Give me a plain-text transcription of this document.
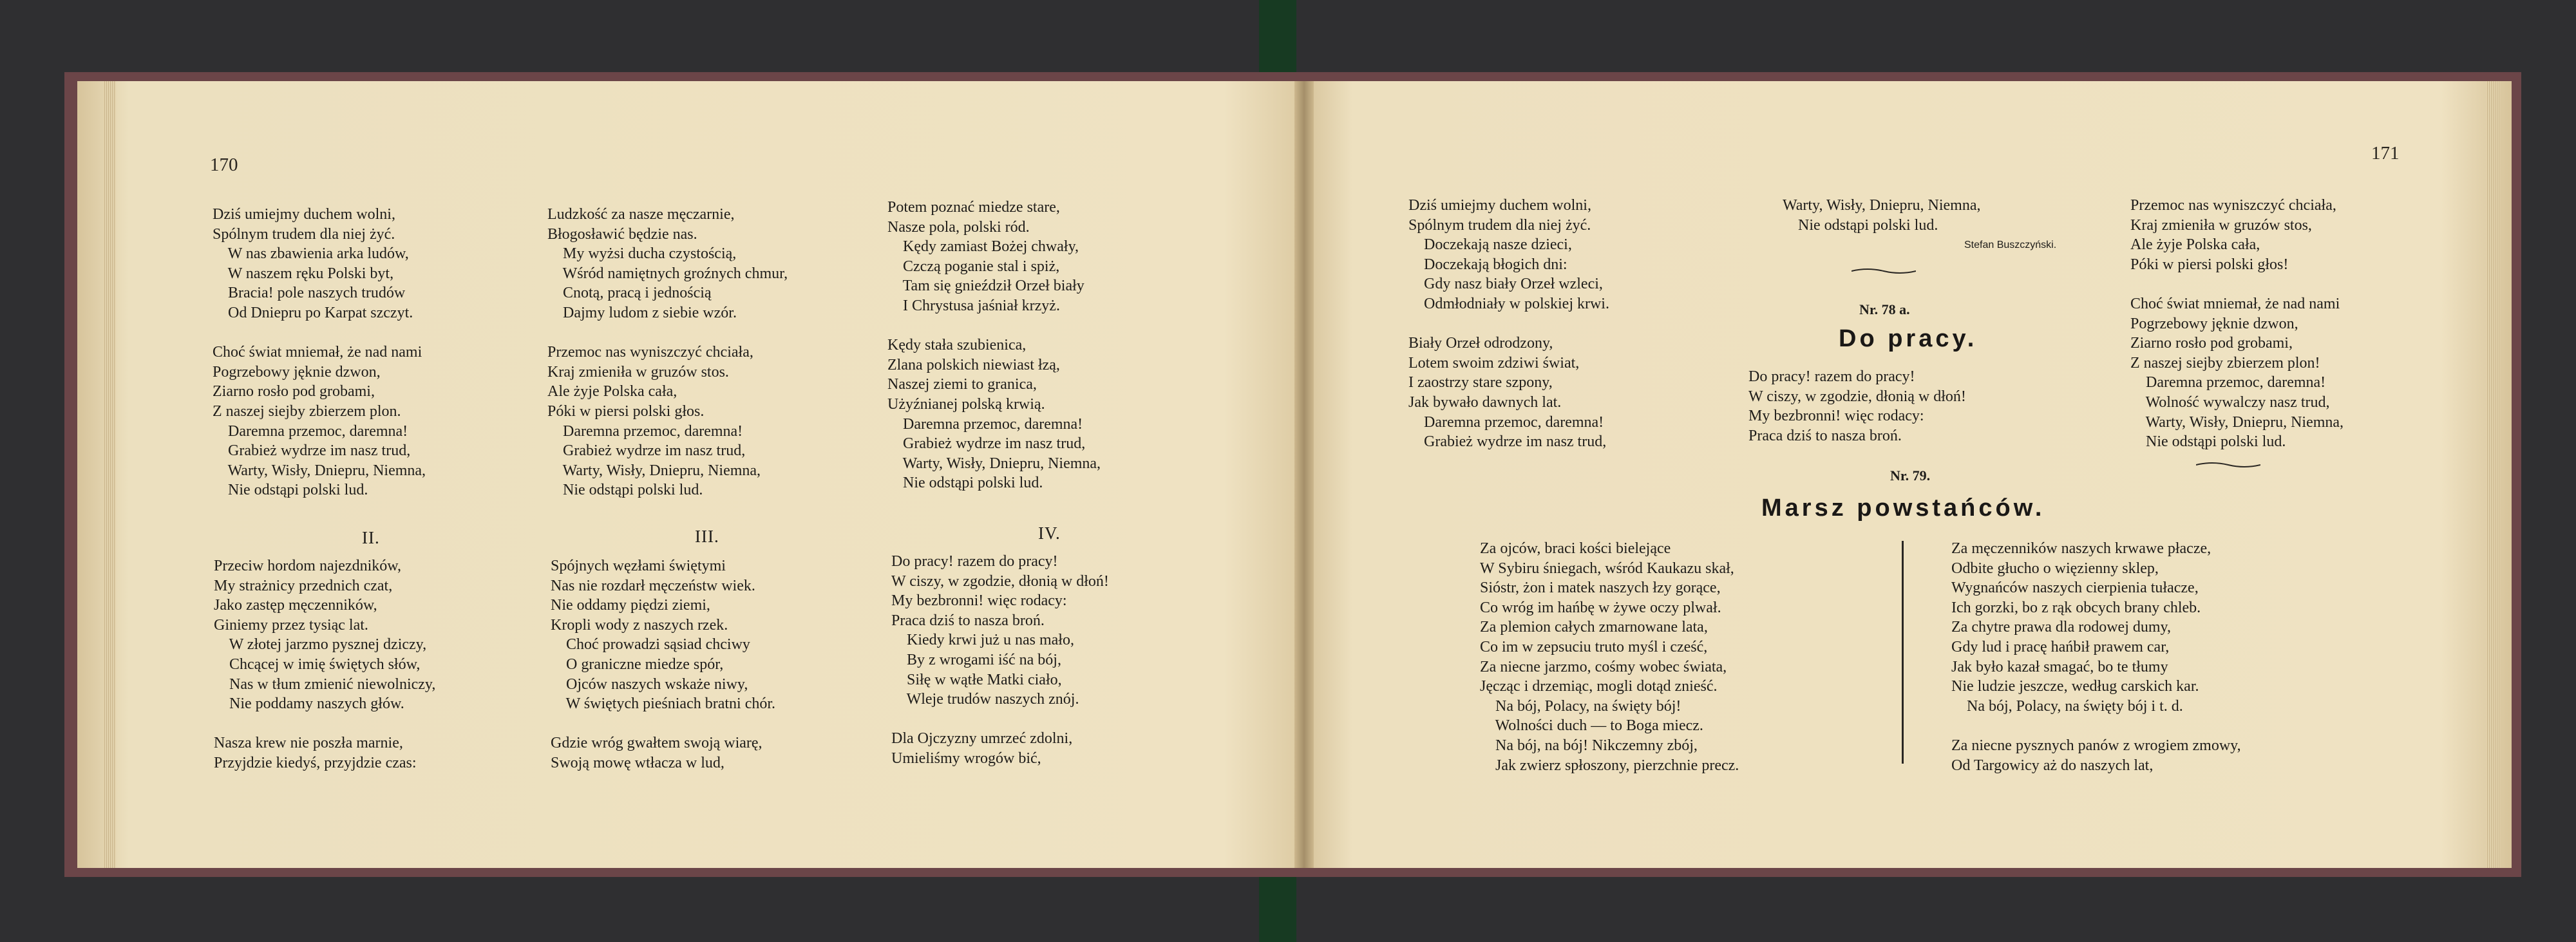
170
171
Dziś umiejmy duchem wolni,
Spólnym trudem dla niej żyć.
W nas zbawienia arka ludów,
W naszem ręku Polski byt,
Bracia! pole naszych trudów
Od Dniepru po Karpat szczyt.
Choć świat mniemał, że nad nami
Pogrzebowy jęknie dzwon,
Ziarno rosło pod grobami,
Z naszej siejby zbierzem plon.
Daremna przemoc, daremna!
Grabież wydrze im nasz trud,
Warty, Wisły, Dniepru, Niemna,
Nie odstąpi polski lud.
Ludzkość za nasze męczarnie,
Błogosławić będzie nas.
My wyżsi ducha czystością,
Wśród namiętnych groźnych chmur,
Cnotą, pracą i jednością
Dajmy ludom z siebie wzór.
Przemoc nas wyniszczyć chciała,
Kraj zmieniła w gruzów stos.
Ale żyje Polska cała,
Póki w piersi polski głos.
Daremna przemoc, daremna!
Grabież wydrze im nasz trud,
Warty, Wisły, Dniepru, Niemna,
Nie odstąpi polski lud.
Potem poznać miedze stare,
Nasze pola, polski ród.
Kędy zamiast Bożej chwały,
Czczą poganie stal i spiż,
Tam się gnieździł Orzeł biały
I Chrystusa jaśniał krzyż.
Kędy stała szubienica,
Zlana polskich niewiast łzą,
Naszej ziemi to granica,
Użyźnianej polską krwią.
Daremna przemoc, daremna!
Grabież wydrze im nasz trud,
Warty, Wisły, Dniepru, Niemna,
Nie odstąpi polski lud.
II.	III.	IV.
Przeciw hordom najezdników,
My strażnicy przednich czat,
Jako zastęp męczenników,
Giniemy przez tysiąc lat.
W złotej jarzmo pysznej dziczy,
Chcącej w imię świętych słów,
Nas w tłum zmienić niewolniczy,
Nie poddamy naszych głów.
Nasza krew nie poszła marnie,
Przyjdzie kiedyś, przyjdzie czas:
Spójnych węzłami świętymi
Nas nie rozdarł męczeństw wiek.
Nie oddamy piędzi ziemi,
Kropli wody z naszych rzek.
Choć prowadzi sąsiad chciwy
O graniczne miedze spór,
Ojców naszych wskaże niwy,
W świętych pieśniach bratni chór.
Gdzie wróg gwałtem swoją wiarę,
Swoją mowę wtłacza w lud,
Do pracy! razem do pracy!
W ciszy, w zgodzie, dłonią w dłoń!
My bezbronni! więc rodacy:
Praca dziś to nasza broń.
Kiedy krwi już u nas mało,
By z wrogami iść na bój,
Siłę w wątłe Matki ciało,
Wleje trudów naszych znój.
Dla Ojczyzny umrzeć zdolni,
Umieliśmy wrogów bić,
Dziś umiejmy duchem wolni,
Spólnym trudem dla niej żyć.
Doczekają nasze dzieci,
Doczekają błogich dni:
Gdy nasz biały Orzeł wzleci,
Odmłodniały w polskiej krwi.
Biały Orzeł odrodzony,
Lotem swoim zdziwi świat,
I zaostrzy stare szpony,
Jak bywało dawnych lat.
Daremna przemoc, daremna!
Grabież wydrze im nasz trud,
Warty, Wisły, Dniepru, Niemna,
Nie odstąpi polski lud.
Stefan Buszczyński.
Przemoc nas wyniszczyć chciała,
Kraj zmieniła w gruzów stos,
Ale żyje Polska cała,
Póki w piersi polski głos!
Choć świat mniemał, że nad nami
Pogrzebowy jęknie dzwon,
Ziarno rosło pod grobami,
Z naszej siejby zbierzem plon!
Daremna przemoc, daremna!
Wolność wywalczy nasz trud,
Warty, Wisły, Dniepru, Niemna,
Nie odstąpi polski lud.
Nr. 78 a.
Do pracy.
Do pracy! razem do pracy!
W ciszy, w zgodzie, dłonią w dłoń!
My bezbronni! więc rodacy:
Praca dziś to nasza broń.
Nr. 79.
Marsz powstańców.
Za ojców, braci kości bielejące
W Sybiru śniegach, wśród Kaukazu skał,
Sióstr, żon i matek naszych łzy gorące,
Co wróg im hańbę w żywe oczy plwał.
Za plemion całych zmarnowane lata,
Co im w zepsuciu truto myśl i cześć,
Za niecne jarzmo, cośmy wobec świata,
Jęcząc i drzemiąc, mogli dotąd znieść.
Na bój, Polacy, na święty bój!
Wolności duch — to Boga miecz.
Na bój, na bój! Nikczemny zbój,
Jak zwierz spłoszony, pierzchnie precz.
Za męczenników naszych krwawe płacze,
Odbite głucho o więzienny sklep,
Wygnańców naszych cierpienia tułacze,
Ich gorzki, bo z rąk obcych brany chleb.
Za chytre prawa dla rodowej dumy,
Gdy lud i pracę hańbił prawem car,
Jak było kazał smagać, bo te tłumy
Nie ludzie jeszcze, według carskich kar.
Na bój, Polacy, na święty bój i t. d.
Za niecne pysznych panów z wrogiem zmowy,
Od Targowicy aż do naszych lat,
